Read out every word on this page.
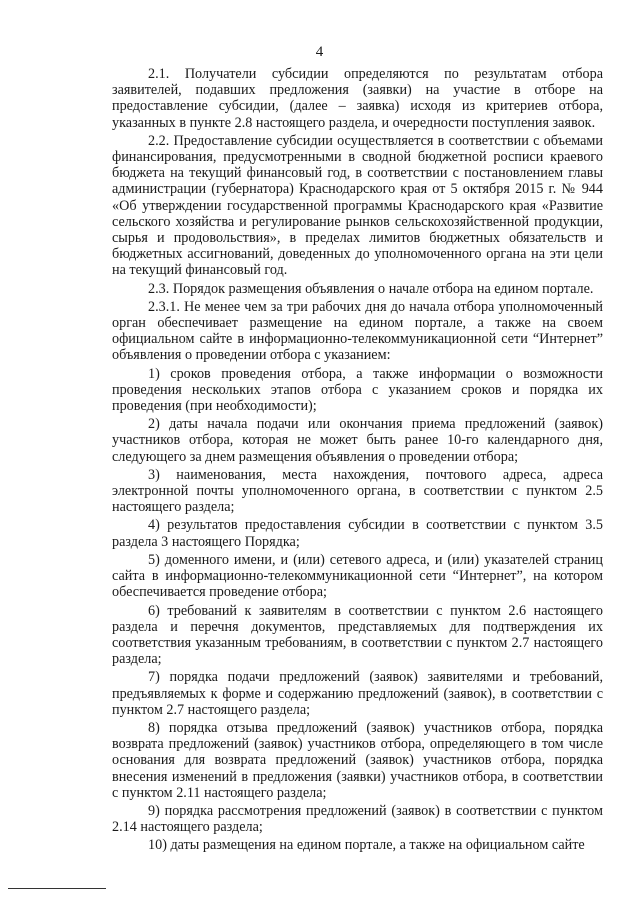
4

2.1. Получатели субсидии определяются по результатам отбора заявителей, подавших предложения (заявки) на участие в отборе на предоставление субсидии, (далее – заявка) исходя из критериев отбора, указанных в пункте 2.8 настоящего раздела, и очередности поступления заявок.

2.2. Предоставление субсидии осуществляется в соответствии с объемами финансирования, предусмотренными в сводной бюджетной росписи краевого бюджета на текущий финансовый год, в соответствии с постановлением главы администрации (губернатора) Краснодарского края от 5 октября 2015 г. № 944 «Об утверждении государственной программы Краснодарского края «Развитие сельского хозяйства и регулирование рынков сельскохозяйственной продукции, сырья и продовольствия», в пределах лимитов бюджетных обязательств и бюджетных ассигнований, доведенных до уполномоченного органа на эти цели на текущий финансовый год.

2.3. Порядок размещения объявления о начале отбора на едином портале.

2.3.1. Не менее чем за три рабочих дня до начала отбора уполномоченный орган обеспечивает размещение на едином портале, а также на своем официальном сайте в информационно-телекоммуникационной сети “Интернет” объявления о проведении отбора с указанием:

1) сроков проведения отбора, а также информации о возможности проведения нескольких этапов отбора с указанием сроков и порядка их проведения (при необходимости);

2) даты начала подачи или окончания приема предложений (заявок) участников отбора, которая не может быть ранее 10-го календарного дня, следующего за днем размещения объявления о проведении отбора;

3) наименования, места нахождения, почтового адреса, адреса электронной почты уполномоченного органа, в соответствии с пунктом 2.5 настоящего раздела;

4) результатов предоставления субсидии в соответствии с пунктом 3.5 раздела 3 настоящего Порядка;

5) доменного имени, и (или) сетевого адреса, и (или) указателей страниц сайта в информационно-телекоммуникационной сети “Интернет”, на котором обеспечивается проведение отбора;

6) требований к заявителям в соответствии с пунктом 2.6 настоящего раздела и перечня документов, представляемых для подтверждения их соответствия указанным требованиям, в соответствии с пунктом 2.7 настоящего раздела;

7) порядка подачи предложений (заявок) заявителями и требований, предъявляемых к форме и содержанию предложений (заявок), в соответствии с пунктом 2.7 настоящего раздела;

8) порядка отзыва предложений (заявок) участников отбора, порядка возврата предложений (заявок) участников отбора, определяющего в том числе основания для возврата предложений (заявок) участников отбора, порядка внесения изменений в предложения (заявки) участников отбора, в соответствии с пунктом 2.11 настоящего раздела;

9) порядка рассмотрения предложений (заявок) в соответствии с пунктом 2.14 настоящего раздела;

10) даты размещения на едином портале, а также на официальном сайте
